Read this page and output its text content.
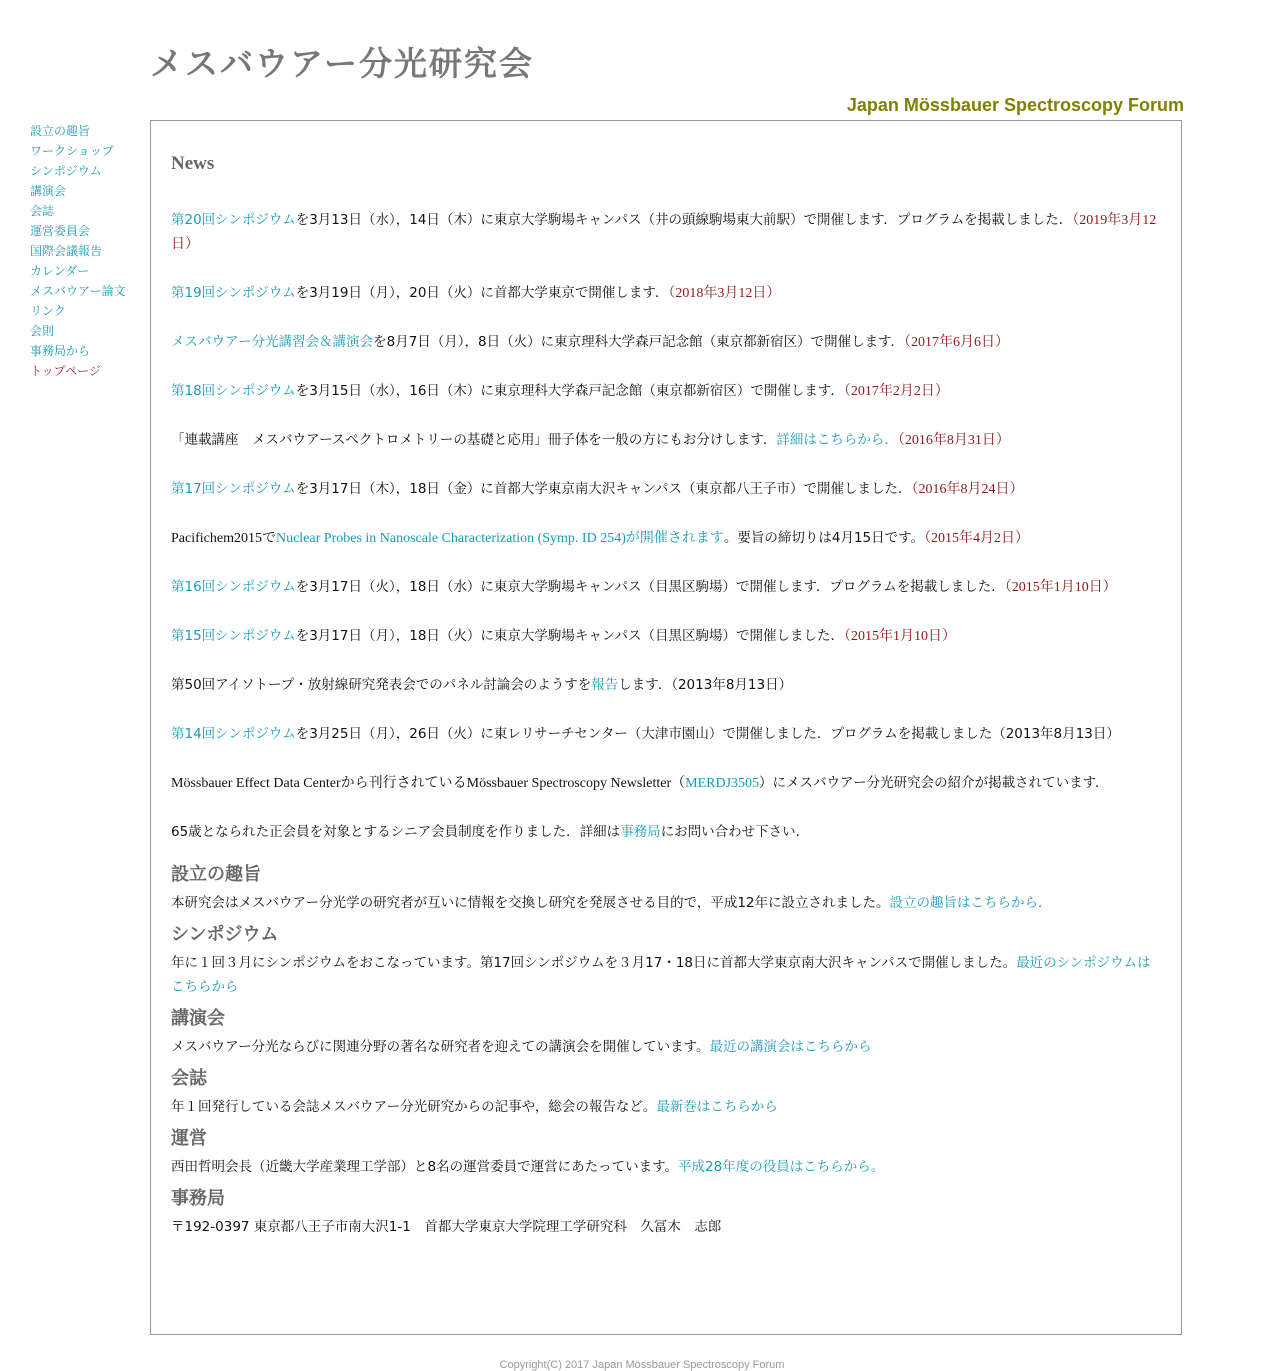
メスバウアー分光研究会
Japan Mössbauer Spectroscopy Forum
設立の趣旨
ワークショップ
シンポジウム
講演会
会誌
運営委員会
国際会議報告
カレンダー
メスバウアー論文
リンク
会則
事務局から
トップページ
News

第20回シンポジウムを3月13日（水），14日（木）に東京大学駒場キャンパス（井の頭線駒場東大前駅）で開催します．プログラムを掲載しました．（2019年3月12日）

第19回シンポジウムを3月19日（月），20日（火）に首都大学東京で開催します．（2018年3月12日）

メスバウアー分光講習会＆講演会を8月7日（月），8日（火）に東京理科大学森戸記念館（東京都新宿区）で開催します．（2017年6月6日）

第18回シンポジウムを3月15日（水），16日（木）に東京理科大学森戸記念館（東京都新宿区）で開催します．（2017年2月2日）

「連載講座　メスバウアースペクトロメトリーの基礎と応用」冊子体を一般の方にもお分けします．詳細はこちらから．（2016年8月31日）

第17回シンポジウムを3月17日（木），18日（金）に首都大学東京南大沢キャンパス（東京都八王子市）で開催しました．（2016年8月24日）

Pacifichem2015でNuclear Probes in Nanoscale Characterization (Symp. ID 254)が開催されます。要旨の締切りは4月15日です。（2015年4月2日）

第16回シンポジウムを3月17日（火），18日（水）に東京大学駒場キャンパス（目黒区駒場）で開催します．プログラムを掲載しました．（2015年1月10日）

第15回シンポジウムを3月17日（月），18日（火）に東京大学駒場キャンパス（目黒区駒場）で開催しました．（2015年1月10日）

第50回アイソトープ・放射線研究発表会でのパネル討論会のようすを報告します．（2013年8月13日）

第14回シンポジウムを3月25日（月），26日（火）に東レリサーチセンター（大津市園山）で開催しました．プログラムを掲載しました（2013年8月13日）

Mössbauer Effect Data Centerから刊行されているMössbauer Spectroscopy Newsletter（MERDJ3505）にメスバウアー分光研究会の紹介が掲載されています．

65歳となられた正会員を対象とするシニア会員制度を作りました．詳細は事務局にお問い合わせ下さい．

設立の趣旨

本研究会はメスバウアー分光学の研究者が互いに情報を交換し研究を発展させる目的で，平成12年に設立されました。設立の趣旨はこちらから．

シンポジウム

年に１回３月にシンポジウムをおこなっています。第17回シンポジウムを３月17・18日に首都大学東京南大沢キャンパスで開催しました。最近のシンポジウムはこちらから

講演会

メスバウアー分光ならびに関連分野の著名な研究者を迎えての講演会を開催しています。最近の講演会はこちらから

会誌

年１回発行している会誌メスバウアー分光研究からの記事や，総会の報告など。最新巻はこちらから

運営

西田哲明会長（近畿大学産業理工学部）と8名の運営委員で運営にあたっています。平成28年度の役員はこちらから。

事務局

〒192-0397 東京都八王子市南大沢1-1　首都大学東京大学院理工学研究科　久冨木　志郎

Copyright(C) 2017 Japan Mössbauer Spectroscopy Forum
